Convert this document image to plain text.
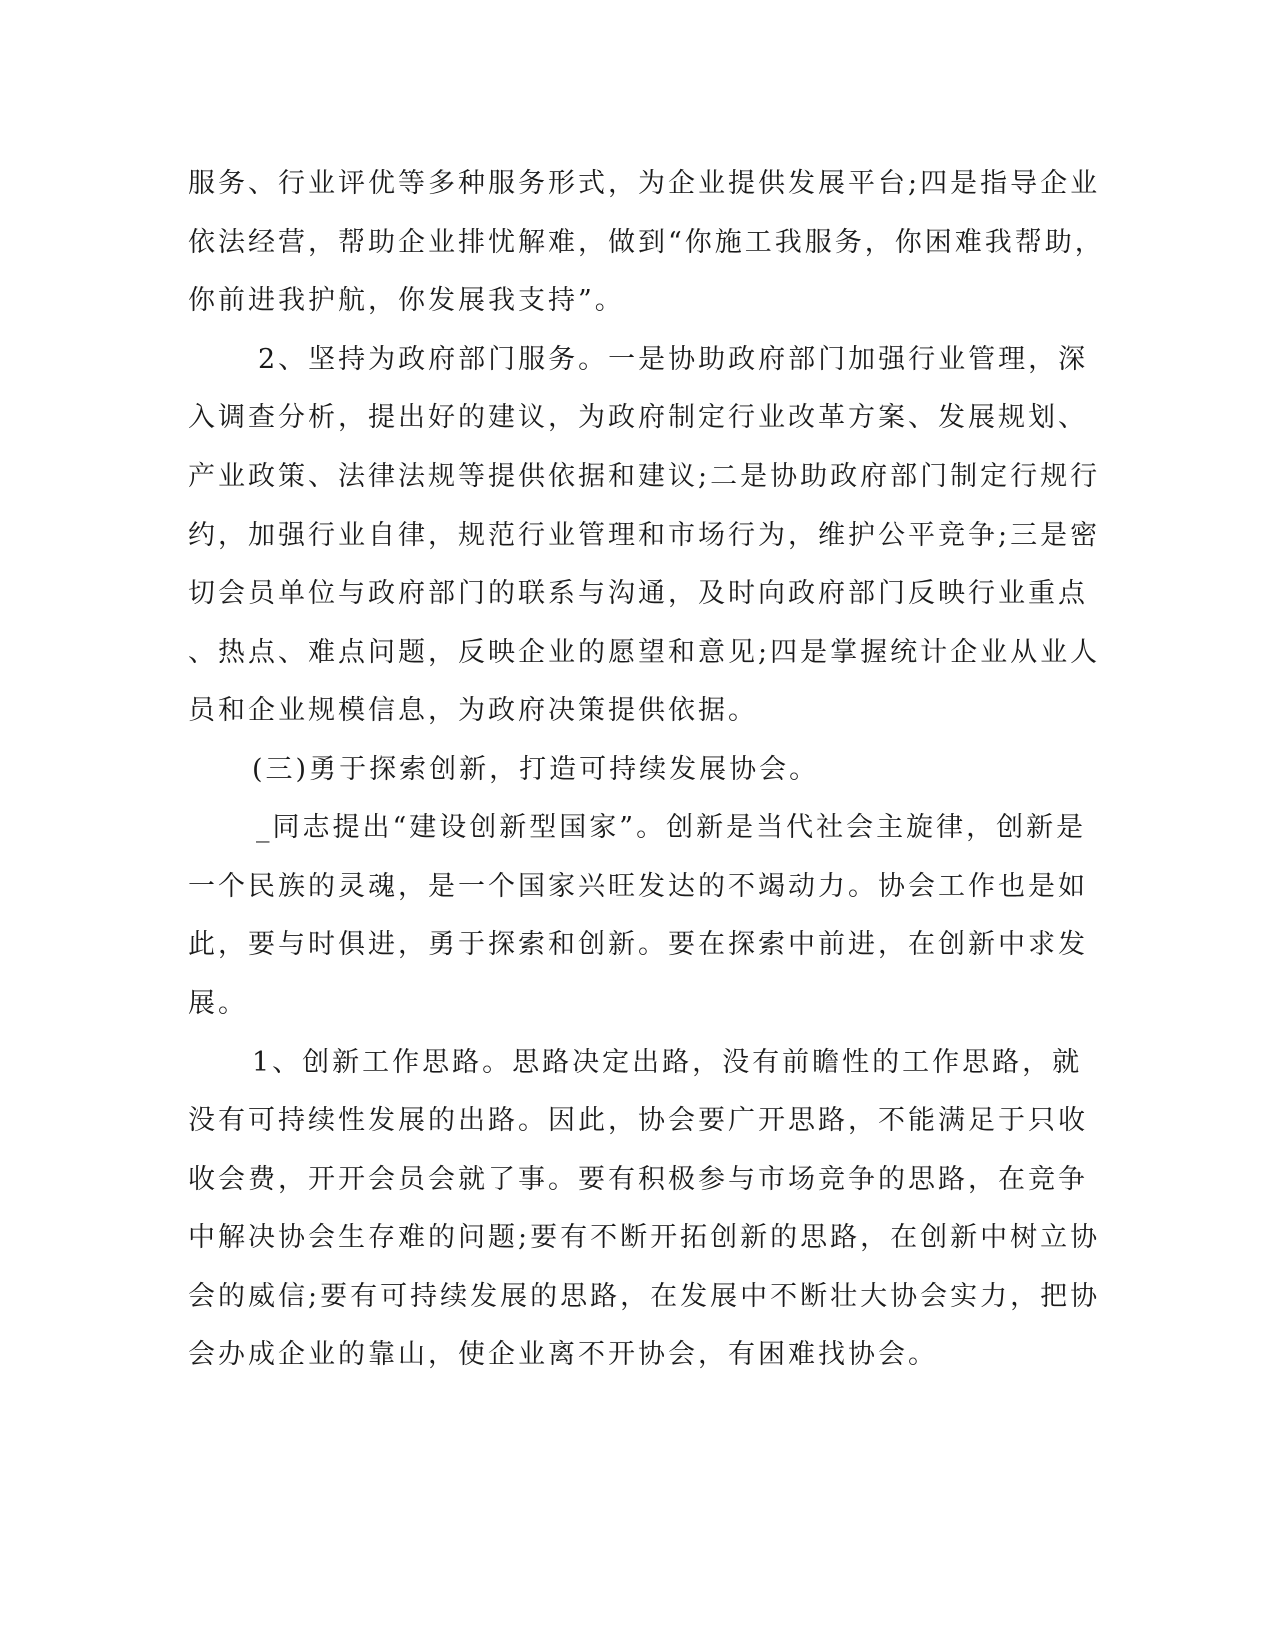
服务、行业评优等多种服务形式，为企业提供发展平台;四是指导企业
依法经营，帮助企业排忧解难，做到“你施工我服务，你困难我帮助，
你前进我护航，你发展我支持”。
2、坚持为政府部门服务。一是协助政府部门加强行业管理，深
入调查分析，提出好的建议，为政府制定行业改革方案、发展规划、
产业政策、法律法规等提供依据和建议;二是协助政府部门制定行规行
约，加强行业自律，规范行业管理和市场行为，维护公平竞争;三是密
切会员单位与政府部门的联系与沟通，及时向政府部门反映行业重点
、热点、难点问题，反映企业的愿望和意见;四是掌握统计企业从业人
员和企业规模信息，为政府决策提供依据。
(三)勇于探索创新，打造可持续发展协会。
_同志提出“建设创新型国家”。创新是当代社会主旋律，创新是
一个民族的灵魂，是一个国家兴旺发达的不竭动力。协会工作也是如
此，要与时俱进，勇于探索和创新。要在探索中前进，在创新中求发
展。
1、创新工作思路。思路决定出路，没有前瞻性的工作思路，就
没有可持续性发展的出路。因此，协会要广开思路，不能满足于只收
收会费，开开会员会就了事。要有积极参与市场竞争的思路，在竞争
中解决协会生存难的问题;要有不断开拓创新的思路，在创新中树立协
会的威信;要有可持续发展的思路，在发展中不断壮大协会实力，把协
会办成企业的靠山，使企业离不开协会，有困难找协会。
